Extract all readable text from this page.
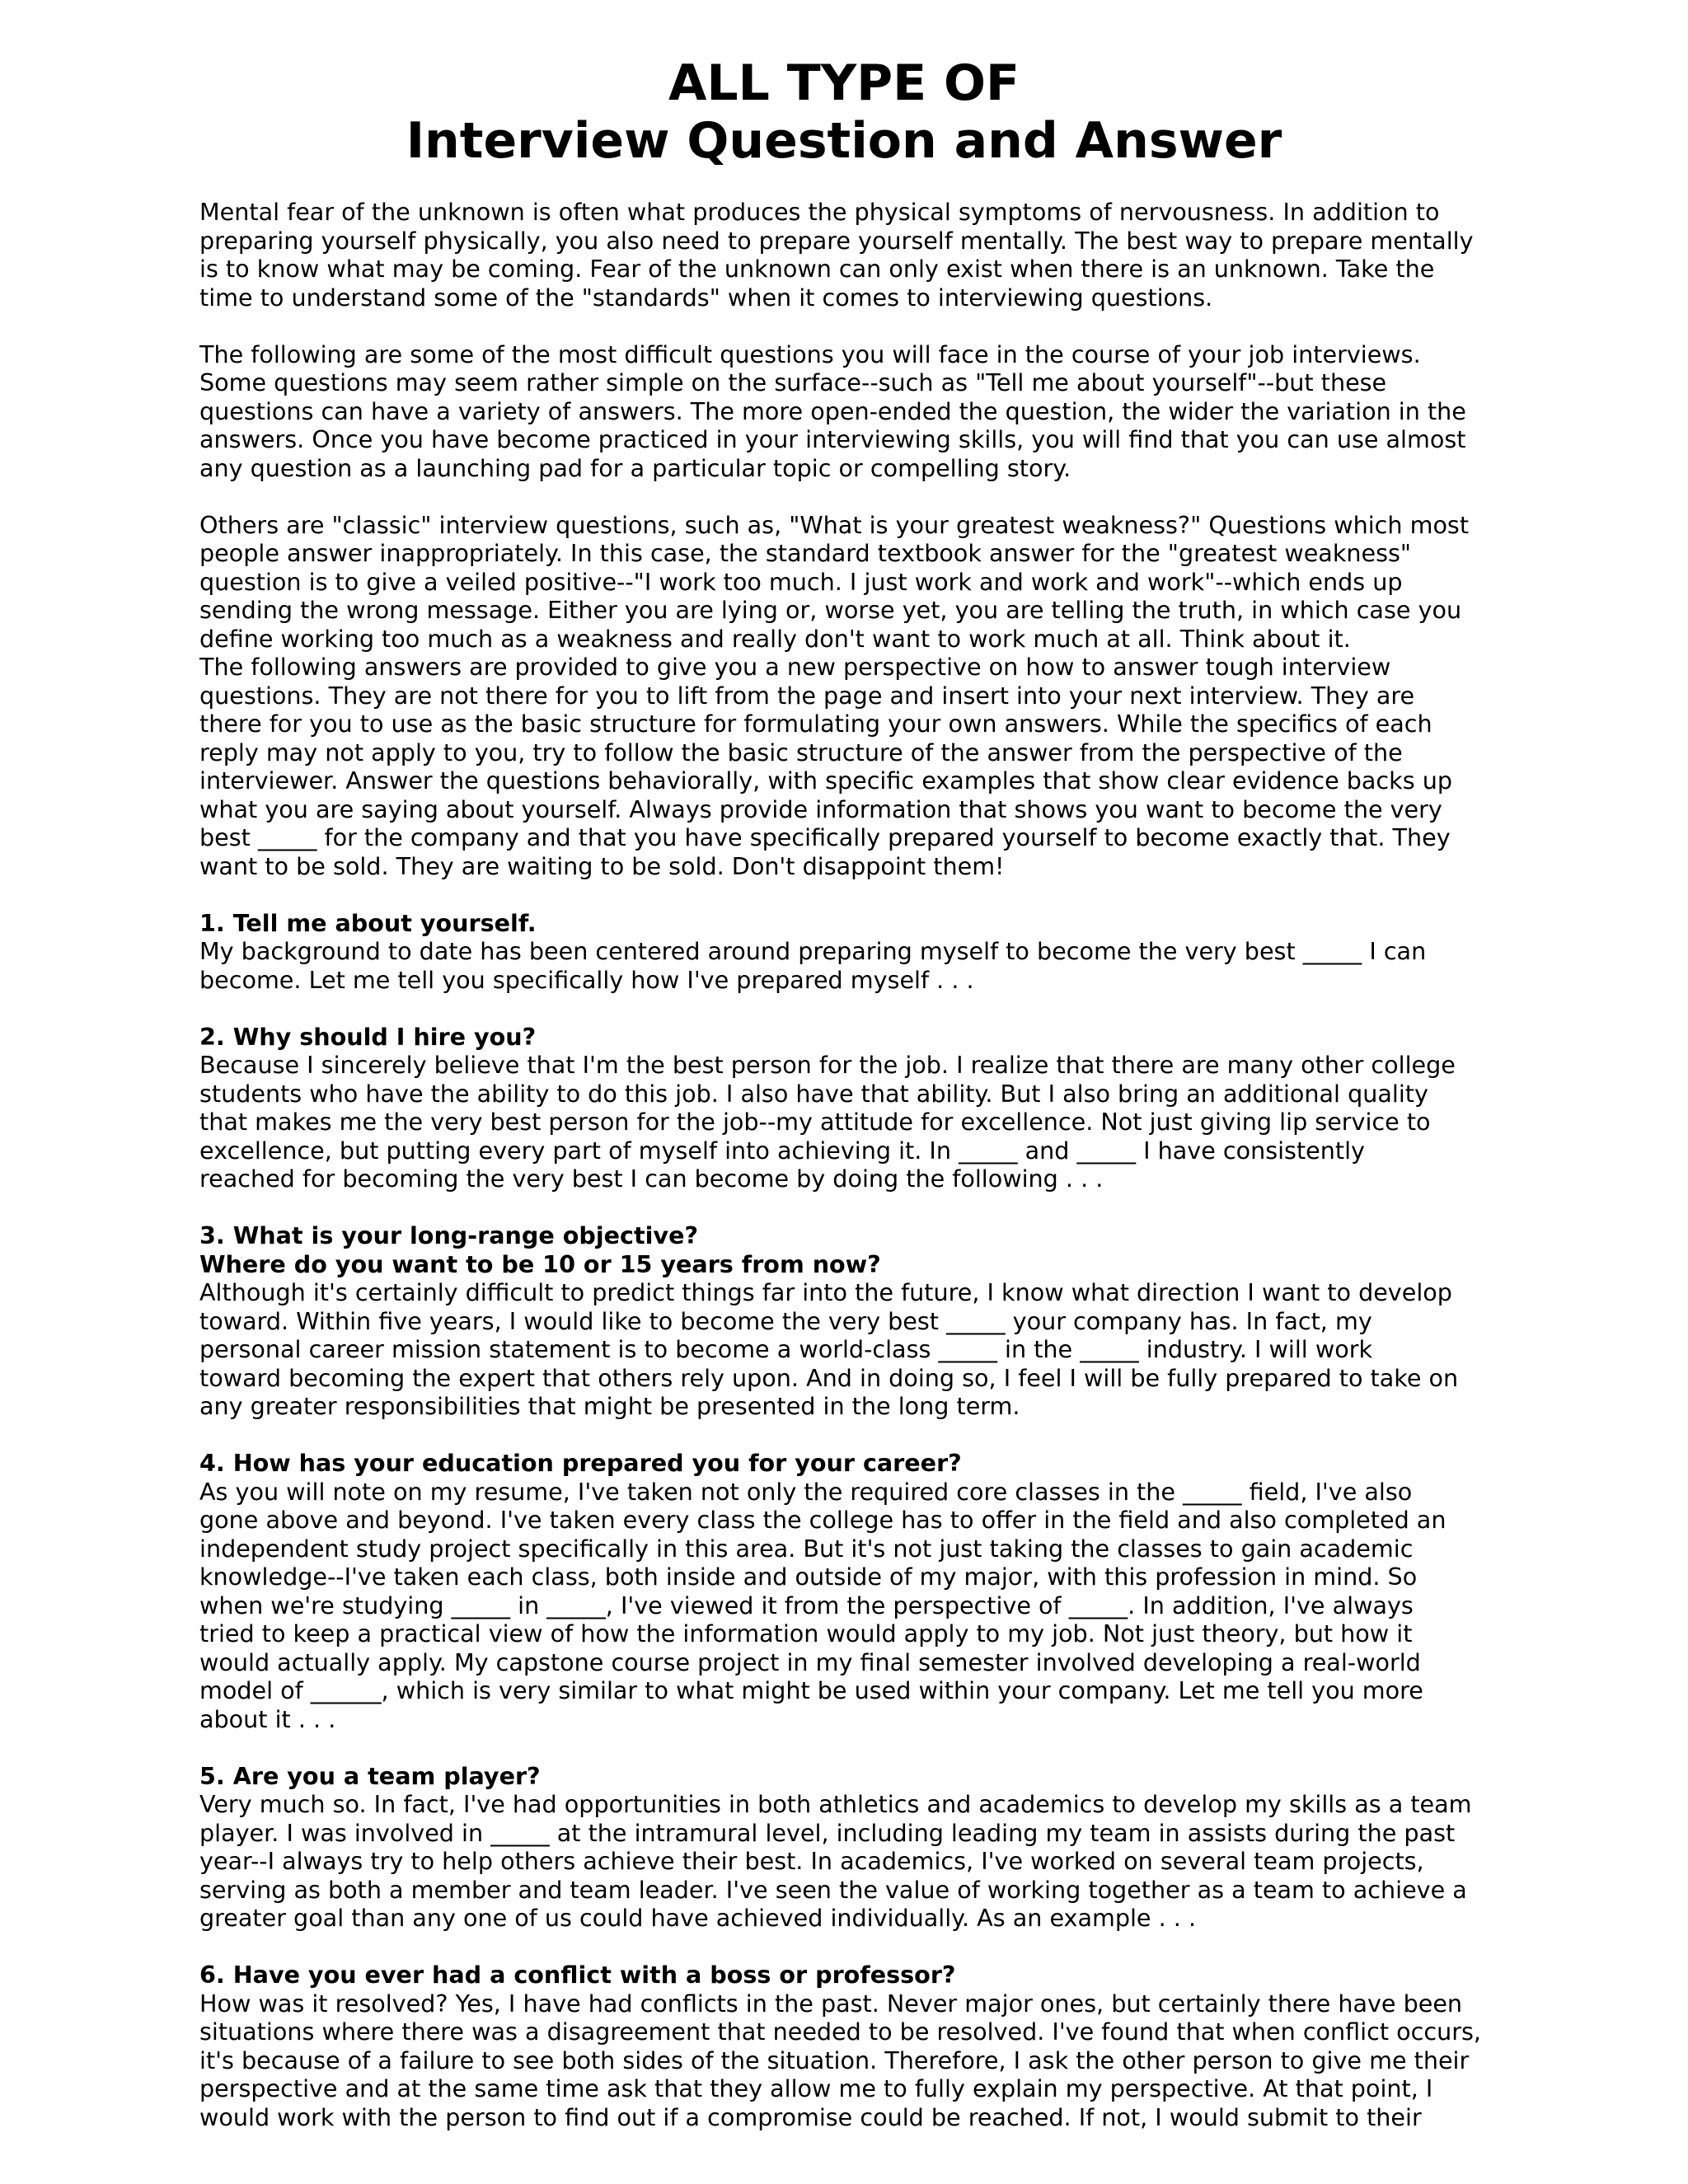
ALL TYPE OF
Interview Question and Answer

Mental fear of the unknown is often what produces the physical symptoms of nervousness. In addition to
preparing yourself physically, you also need to prepare yourself mentally. The best way to prepare mentally
is to know what may be coming. Fear of the unknown can only exist when there is an unknown. Take the
time to understand some of the "standards" when it comes to interviewing questions.

The following are some of the most difficult questions you will face in the course of your job interviews.
Some questions may seem rather simple on the surface--such as "Tell me about yourself"--but these
questions can have a variety of answers. The more open-ended the question, the wider the variation in the
answers. Once you have become practiced in your interviewing skills, you will find that you can use almost
any question as a launching pad for a particular topic or compelling story.

Others are "classic" interview questions, such as, "What is your greatest weakness?" Questions which most
people answer inappropriately. In this case, the standard textbook answer for the "greatest weakness"
question is to give a veiled positive--"I work too much. I just work and work and work"--which ends up
sending the wrong message. Either you are lying or, worse yet, you are telling the truth, in which case you
define working too much as a weakness and really don't want to work much at all. Think about it.

The following answers are provided to give you a new perspective on how to answer tough interview
questions. They are not there for you to lift from the page and insert into your next interview. They are
there for you to use as the basic structure for formulating your own answers. While the specifics of each
reply may not apply to you, try to follow the basic structure of the answer from the perspective of the
interviewer. Answer the questions behaviorally, with specific examples that show clear evidence backs up
what you are saying about yourself. Always provide information that shows you want to become the very
best _____ for the company and that you have specifically prepared yourself to become exactly that. They
want to be sold. They are waiting to be sold. Don't disappoint them!

1. Tell me about yourself.

My background to date has been centered around preparing myself to become the very best _____ I can
become. Let me tell you specifically how I've prepared myself . . .

2. Why should I hire you?

Because I sincerely believe that I'm the best person for the job. I realize that there are many other college
students who have the ability to do this job. I also have that ability. But I also bring an additional quality
that makes me the very best person for the job--my attitude for excellence. Not just giving lip service to
excellence, but putting every part of myself into achieving it. In _____ and _____ I have consistently
reached for becoming the very best I can become by doing the following . . .

3. What is your long-range objective?
Where do you want to be 10 or 15 years from now?

Although it's certainly difficult to predict things far into the future, I know what direction I want to develop
toward. Within five years, I would like to become the very best _____ your company has. In fact, my
personal career mission statement is to become a world-class _____ in the _____ industry. I will work
toward becoming the expert that others rely upon. And in doing so, I feel I will be fully prepared to take on
any greater responsibilities that might be presented in the long term.

4. How has your education prepared you for your career?

As you will note on my resume, I've taken not only the required core classes in the _____ field, I've also
gone above and beyond. I've taken every class the college has to offer in the field and also completed an
independent study project specifically in this area. But it's not just taking the classes to gain academic
knowledge--I've taken each class, both inside and outside of my major, with this profession in mind. So
when we're studying _____ in _____, I've viewed it from the perspective of _____. In addition, I've always
tried to keep a practical view of how the information would apply to my job. Not just theory, but how it
would actually apply. My capstone course project in my final semester involved developing a real-world
model of ______, which is very similar to what might be used within your company. Let me tell you more
about it . . .

5. Are you a team player?

Very much so. In fact, I've had opportunities in both athletics and academics to develop my skills as a team
player. I was involved in _____ at the intramural level, including leading my team in assists during the past
year--I always try to help others achieve their best. In academics, I've worked on several team projects,
serving as both a member and team leader. I've seen the value of working together as a team to achieve a
greater goal than any one of us could have achieved individually. As an example . . .

6. Have you ever had a conflict with a boss or professor?

How was it resolved? Yes, I have had conflicts in the past. Never major ones, but certainly there have been
situations where there was a disagreement that needed to be resolved. I've found that when conflict occurs,
it's because of a failure to see both sides of the situation. Therefore, I ask the other person to give me their
perspective and at the same time ask that they allow me to fully explain my perspective. At that point, I
would work with the person to find out if a compromise could be reached. If not, I would submit to their
